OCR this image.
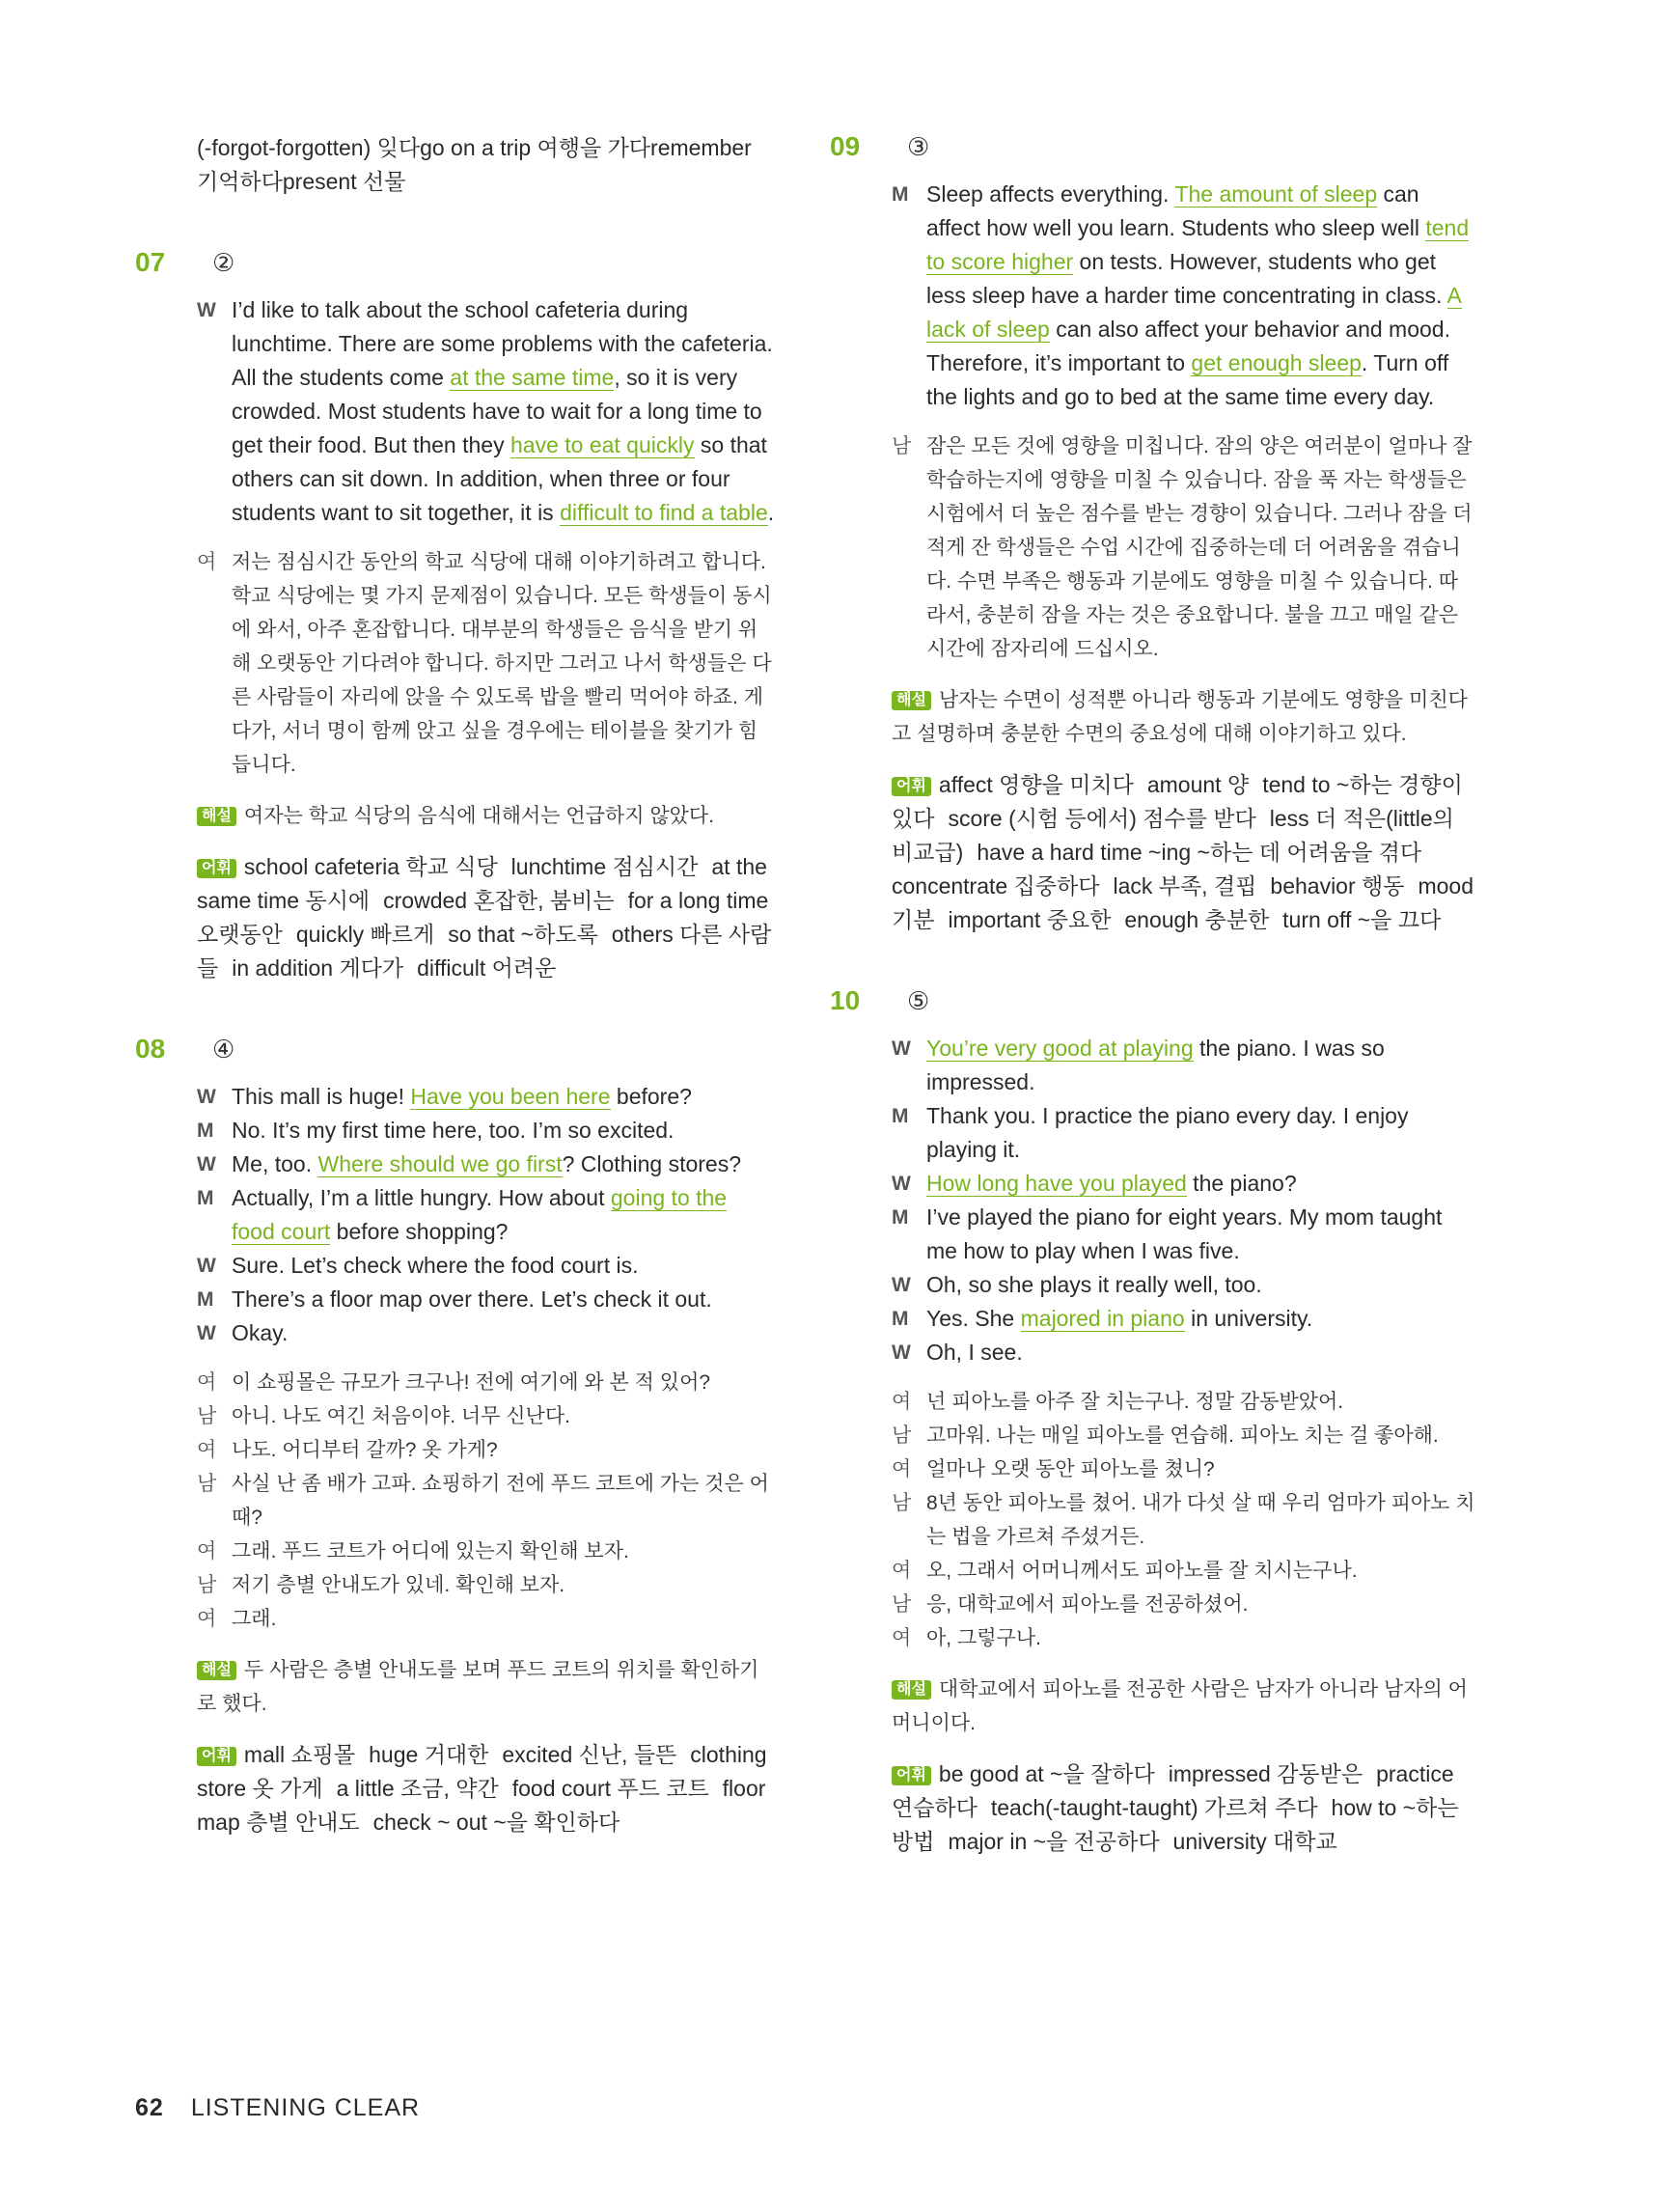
(-forgot-forgotten) 잊다go on a trip 여행을 가다remember 기억하다present 선물
07	②
W I’d like to talk about the school cafeteria during lunchtime. There are some problems with the cafeteria. All the students come at the same time, so it is very crowded. Most students have to wait for a long time to get their food. But then they have to eat quickly so that others can sit down. In addition, when three or four students want to sit together, it is difficult to find a table.
여 저는 점심시간 동안의 학교 식당에 대해 이야기하려고 합니다. 학교 식당에는 몇 가지 문제점이 있습니다. 모든 학생들이 동시에 와서, 아주 혼잡합니다. 대부분의 학생들은 음식을 받기 위해 오랫동안 기다려야 합니다. 하지만 그러고 나서 학생들은 다른 사람들이 자리에 앉을 수 있도록 밥을 빨리 먹어야 하죠. 게다가, 서너 명이 함께 앉고 싶을 경우에는 테이블을 찾기가 힘듭니다.
해설 여자는 학교 식당의 음식에 대해서는 언급하지 않았다.
어휘 school cafeteria 학교 식당 lunchtime 점심시간 at the same time 동시에 crowded 혼잡한, 붐비는 for a long time 오랫동안 quickly 빠르게 so that ~하도록 others 다른 사람들 in addition 게다가 difficult 어려운
08	④
W This mall is huge! Have you been here before?
M No. It’s my first time here, too. I’m so excited.
W Me, too. Where should we go first? Clothing stores?
M Actually, I’m a little hungry. How about going to the food court before shopping?
W Sure. Let’s check where the food court is.
M There’s a floor map over there. Let’s check it out.
W Okay.
여 이 쇼핑몰은 규모가 크구나! 전에 여기에 와 본 적 있어?
남 아니. 나도 여긴 처음이야. 너무 신난다.
여 나도. 어디부터 갈까? 옷 가게?
남 사실 난 좀 배가 고파. 쇼핑하기 전에 푸드 코트에 가는 것은 어때?
여 그래. 푸드 코트가 어디에 있는지 확인해 보자.
남 저기 층별 안내도가 있네. 확인해 보자.
여 그래.
해설 두 사람은 층별 안내도를 보며 푸드 코트의 위치를 확인하기로 했다.
어휘 mall 쇼핑몰 huge 거대한 excited 신난, 들뜬 clothing store 옷 가게 a little 조금, 약간 food court 푸드 코트 floor map 층별 안내도 check ~ out ~을 확인하다
09	③
M Sleep affects everything. The amount of sleep can affect how well you learn. Students who sleep well tend to score higher on tests. However, students who get less sleep have a harder time concentrating in class. A lack of sleep can also affect your behavior and mood. Therefore, it’s important to get enough sleep. Turn off the lights and go to bed at the same time every day.
남 잠은 모든 것에 영향을 미칩니다. 잠의 양은 여러분이 얼마나 잘 학습하는지에 영향을 미칠 수 있습니다. 잠을 푹 자는 학생들은 시험에서 더 높은 점수를 받는 경향이 있습니다. 그러나 잠을 더 적게 잔 학생들은 수업 시간에 집중하는데 더 어려움을 겪습니다. 수면 부족은 행동과 기분에도 영향을 미칠 수 있습니다. 따라서, 충분히 잠을 자는 것은 중요합니다. 불을 끄고 매일 같은 시간에 잠자리에 드십시오.
해설 남자는 수면이 성적뿐 아니라 행동과 기분에도 영향을 미친다고 설명하며 충분한 수면의 중요성에 대해 이야기하고 있다.
어휘 affect 영향을 미치다 amount 양 tend to ~하는 경향이 있다 score (시험 등에서) 점수를 받다 less 더 적은(little의 비교급) have a hard time ~ing ~하는 데 어려움을 겪다concentrate 집중하다 lack 부족, 결핍 behavior 행동 mood 기분 important 중요한 enough 충분한 turn off ~을 끄다
10	⑤
W You’re very good at playing the piano. I was so impressed.
M Thank you. I practice the piano every day. I enjoy playing it.
W How long have you played the piano?
M I’ve played the piano for eight years. My mom taught me how to play when I was five.
W Oh, so she plays it really well, too.
M Yes. She majored in piano in university.
W Oh, I see.
여 넌 피아노를 아주 잘 치는구나. 정말 감동받았어.
남 고마워. 나는 매일 피아노를 연습해. 피아노 치는 걸 좋아해.
여 얼마나 오랫 동안 피아노를 쳤니?
남 8년 동안 피아노를 쳤어. 내가 다섯 살 때 우리 엄마가 피아노 치는 법을 가르쳐 주셨거든.
여 오, 그래서 어머니께서도 피아노를 잘 치시는구나.
남 응, 대학교에서 피아노를 전공하셨어.
여 아, 그렇구나.
해설 대학교에서 피아노를 전공한 사람은 남자가 아니라 남자의 어머니이다.
어휘 be good at ~을 잘하다 impressed 감동받은 practice 연습하다 teach(-taught-taught) 가르쳐 주다 how to ~하는 방법 major in ~을 전공하다 university 대학교
62 LISTENING CLEAR
